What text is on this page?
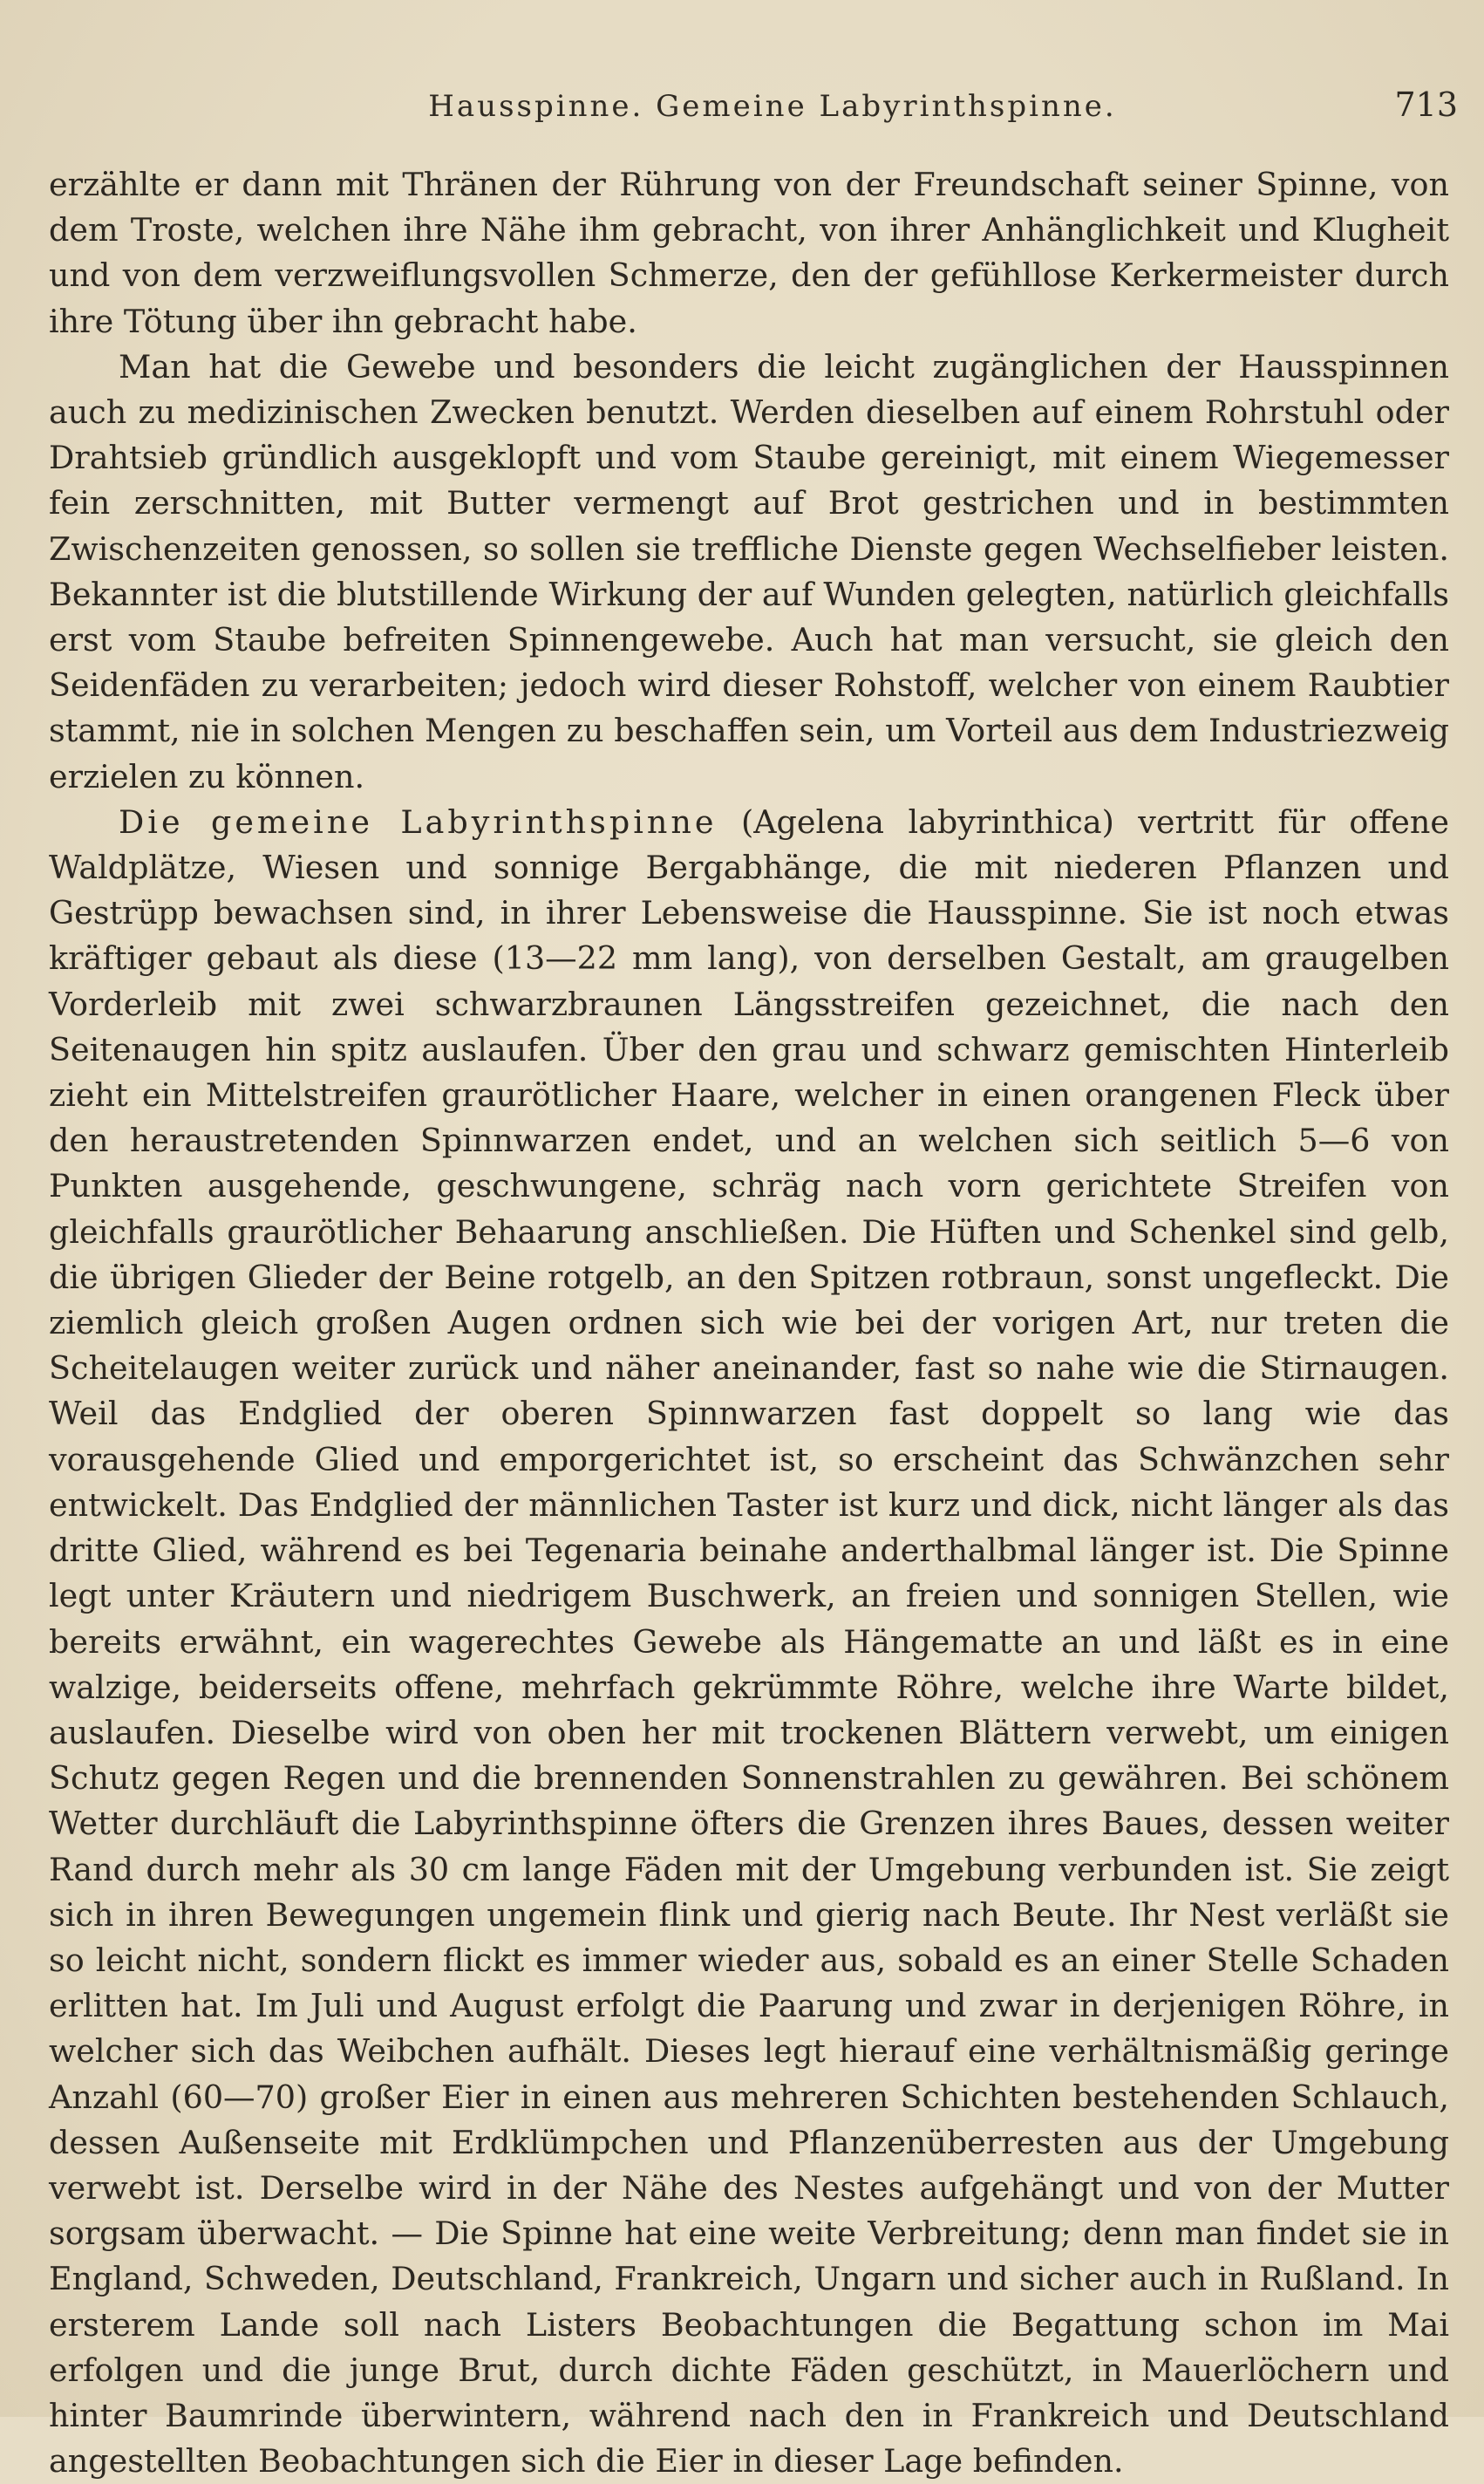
Hausspinne. Gemeine Labyrinthspinne.	713

erzählte er dann mit Thränen der Rührung von der Freundschaft seiner Spinne, von dem Troste, welchen ihre Nähe ihm gebracht, von ihrer Anhänglichkeit und Klugheit und von dem verzweiflungsvollen Schmerze, den der gefühllose Kerkermeister durch ihre Tötung über ihn gebracht habe.

Man hat die Gewebe und besonders die leicht zugänglichen der Hausspinnen auch zu medizinischen Zwecken benutzt. Werden dieselben auf einem Rohrstuhl oder Drahtsieb gründlich ausgeklopft und vom Staube gereinigt, mit einem Wiegemesser fein zerschnitten, mit Butter vermengt auf Brot gestrichen und in bestimmten Zwischenzeiten genossen, so sollen sie treffliche Dienste gegen Wechselfieber leisten. Bekannter ist die blutstillende Wirkung der auf Wunden gelegten, natürlich gleichfalls erst vom Staube befreiten Spinnengewebe. Auch hat man versucht, sie gleich den Seidenfäden zu verarbeiten; jedoch wird dieser Rohstoff, welcher von einem Raubtier stammt, nie in solchen Mengen zu beschaffen sein, um Vorteil aus dem Industriezweig erzielen zu können.

Die gemeine Labyrinthspinne (Agelena labyrinthica) vertritt für offene Waldplätze, Wiesen und sonnige Bergabhänge, die mit niederen Pflanzen und Gestrüpp bewachsen sind, in ihrer Lebensweise die Hausspinne. Sie ist noch etwas kräftiger gebaut als diese (13—22 mm lang), von derselben Gestalt, am graugelben Vorderleib mit zwei schwarzbraunen Längsstreifen gezeichnet, die nach den Seitenaugen hin spitz auslaufen. Über den grau und schwarz gemischten Hinterleib zieht ein Mittelstreifen graurötlicher Haare, welcher in einen orangenen Fleck über den heraustretenden Spinnwarzen endet, und an welchen sich seitlich 5—6 von Punkten ausgehende, geschwungene, schräg nach vorn gerichtete Streifen von gleichfalls graurötlicher Behaarung anschließen. Die Hüften und Schenkel sind gelb, die übrigen Glieder der Beine rotgelb, an den Spitzen rotbraun, sonst ungefleckt. Die ziemlich gleich großen Augen ordnen sich wie bei der vorigen Art, nur treten die Scheitelaugen weiter zurück und näher aneinander, fast so nahe wie die Stirnaugen. Weil das Endglied der oberen Spinnwarzen fast doppelt so lang wie das vorausgehende Glied und emporgerichtet ist, so erscheint das Schwänzchen sehr entwickelt. Das Endglied der männlichen Taster ist kurz und dick, nicht länger als das dritte Glied, während es bei Tegenaria beinahe anderthalbmal länger ist. Die Spinne legt unter Kräutern und niedrigem Buschwerk, an freien und sonnigen Stellen, wie bereits erwähnt, ein wagerechtes Gewebe als Hängematte an und läßt es in eine walzige, beiderseits offene, mehrfach gekrümmte Röhre, welche ihre Warte bildet, auslaufen. Dieselbe wird von oben her mit trockenen Blättern verwebt, um einigen Schutz gegen Regen und die brennenden Sonnenstrahlen zu gewähren. Bei schönem Wetter durchläuft die Labyrinthspinne öfters die Grenzen ihres Baues, dessen weiter Rand durch mehr als 30 cm lange Fäden mit der Umgebung verbunden ist. Sie zeigt sich in ihren Bewegungen ungemein flink und gierig nach Beute. Ihr Nest verläßt sie so leicht nicht, sondern flickt es immer wieder aus, sobald es an einer Stelle Schaden erlitten hat. Im Juli und August erfolgt die Paarung und zwar in derjenigen Röhre, in welcher sich das Weibchen aufhält. Dieses legt hierauf eine verhältnismäßig geringe Anzahl (60—70) großer Eier in einen aus mehreren Schichten bestehenden Schlauch, dessen Außenseite mit Erdklümpchen und Pflanzenüberresten aus der Umgebung verwebt ist. Derselbe wird in der Nähe des Nestes aufgehängt und von der Mutter sorgsam überwacht. — Die Spinne hat eine weite Verbreitung; denn man findet sie in England, Schweden, Deutschland, Frankreich, Ungarn und sicher auch in Rußland. In ersterem Lande soll nach Listers Beobachtungen die Begattung schon im Mai erfolgen und die junge Brut, durch dichte Fäden geschützt, in Mauerlöchern und hinter Baumrinde überwintern, während nach den in Frankreich und Deutschland angestellten Beobachtungen sich die Eier in dieser Lage befinden.
